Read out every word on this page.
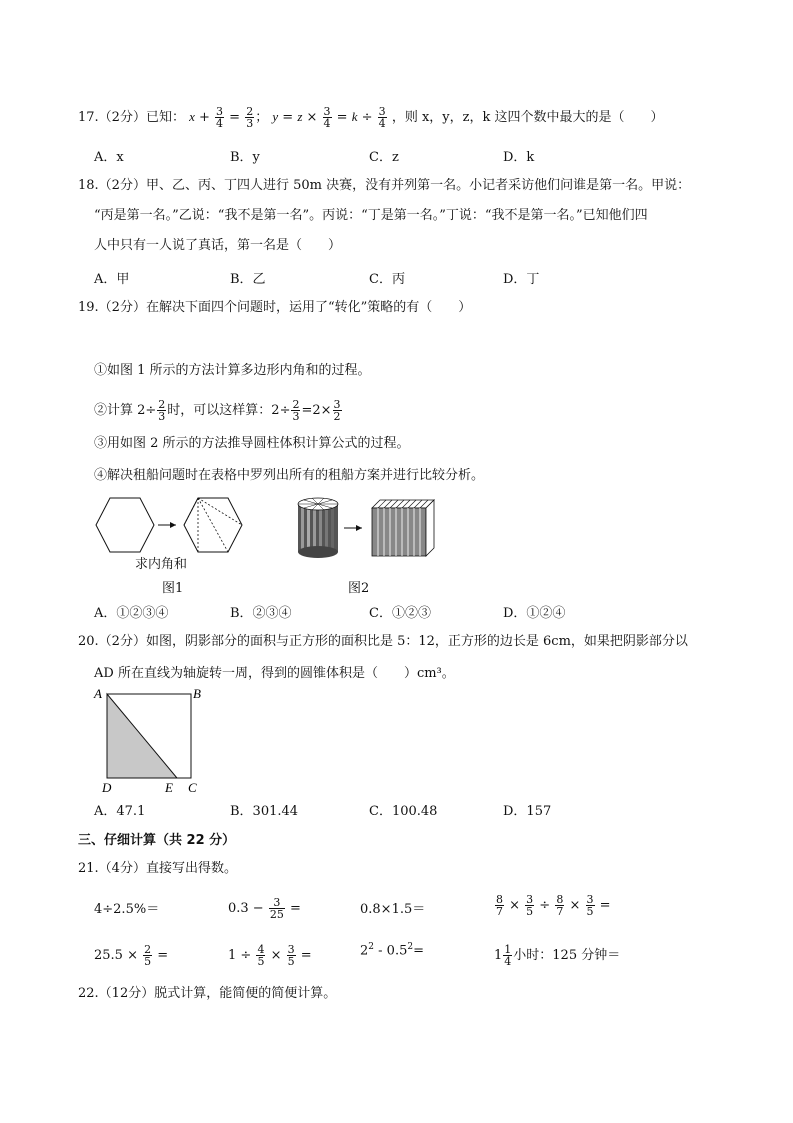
17.（2分）已知： $x + \frac{3}{4} = \frac{2}{3}$ ； $y = z \times \frac{3}{4} = k \div \frac{3}{4}$ ，则 x，y，z，k 这四个数中最大的是（　　）
A．x	B．y	C．z	D．k
18.（2分）甲、乙、丙、丁四人进行 50m 决赛，没有并列第一名。小记者采访他们问谁是第一名。甲说：
“丙是第一名。”乙说：“我不是第一名”。丙说：“丁是第一名。”丁说：“我不是第一名。”已知他们四
人中只有一人说了真话，第一名是（　　）
A．甲	B．乙	C．丙	D．丁
19.（2分）在解决下面四个问题时，运用了“转化”策略的有（　　）
①如图 1 所示的方法计算多边形内角和的过程。
②计算 $2\div \frac{2}{3}$ 时，可以这样算：$2\div \frac{2}{3} =2\times \frac{3}{2}$
③用如图 2 所示的方法推导圆柱体积计算公式的过程。
④解决租船问题时在表格中罗列出所有的租船方案并进行比较分析。
求内角和
图1	图2
A．①②③④	B．②③④	C．①②③	D．①②④
20.（2分）如图，阴影部分的面积与正方形的面积比是 5：12，正方形的边长是 6cm，如果把阴影部分以
AD 所在直线为轴旋转一周，得到的圆锥体积是（　　）cm³。
A	B
D	E C
A．47.1	B．301.44	C．100.48	D．157
三、仔细计算（共 22 分）
21.（4分）直接写出得数。
4÷2.5%＝	$0.3 - \frac{3}{25}$ =	0.8×1.5＝	$\frac{8}{7} \times \frac{3}{5} \div \frac{8}{7} \times \frac{3}{5}$ =
$25.5 \times \frac{2}{5}$ =	$1 \div \frac{4}{5} \times \frac{3}{5}$ =	$2^2 - 0.5^2=$	$1 \frac{1}{4}$ 小时：125 分钟＝
22.（12分）脱式计算，能简便的简便计算。
